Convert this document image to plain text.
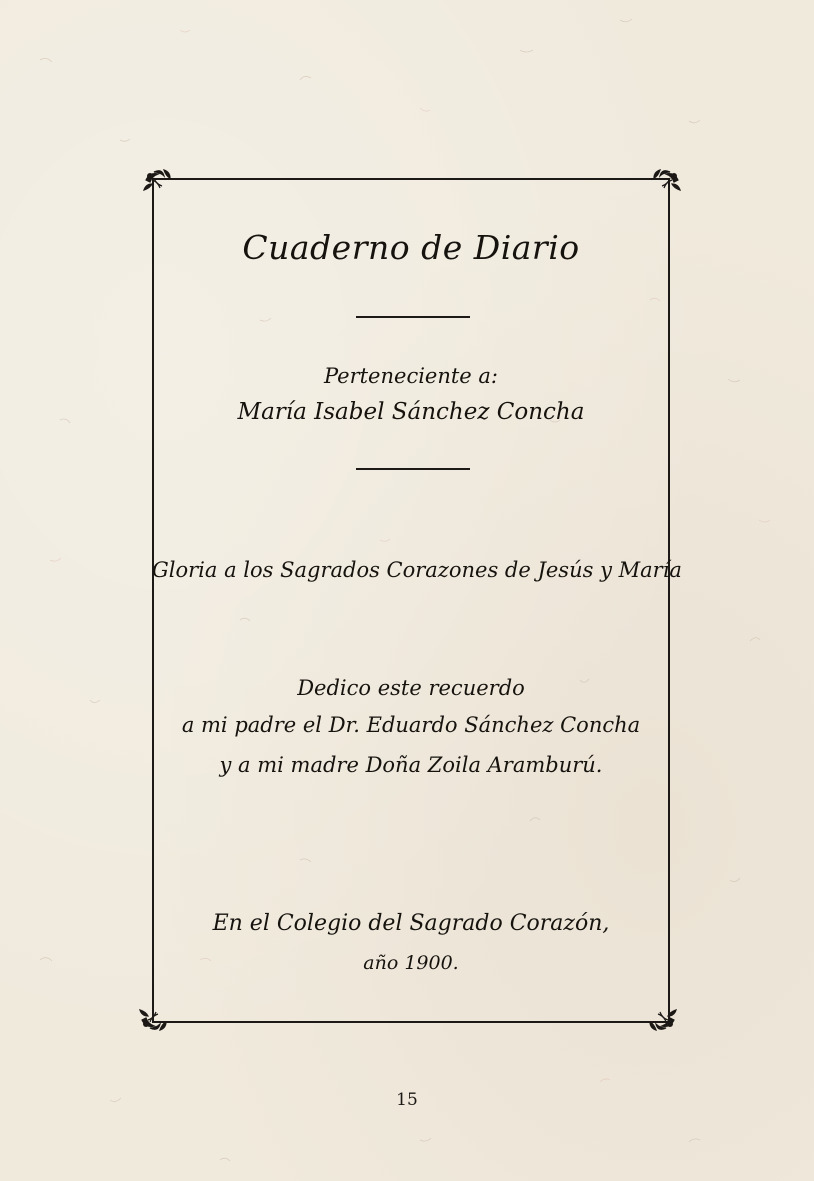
Cuaderno de Diario
Perteneciente a:
María Isabel Sánchez Concha
Gloria a los Sagrados Corazones de Jesús y María
Dedico este recuerdo
a mi padre el Dr. Eduardo Sánchez Concha
y a mi madre Doña Zoila Aramburú.
En el Colegio del Sagrado Corazón,
año 1900.
15
